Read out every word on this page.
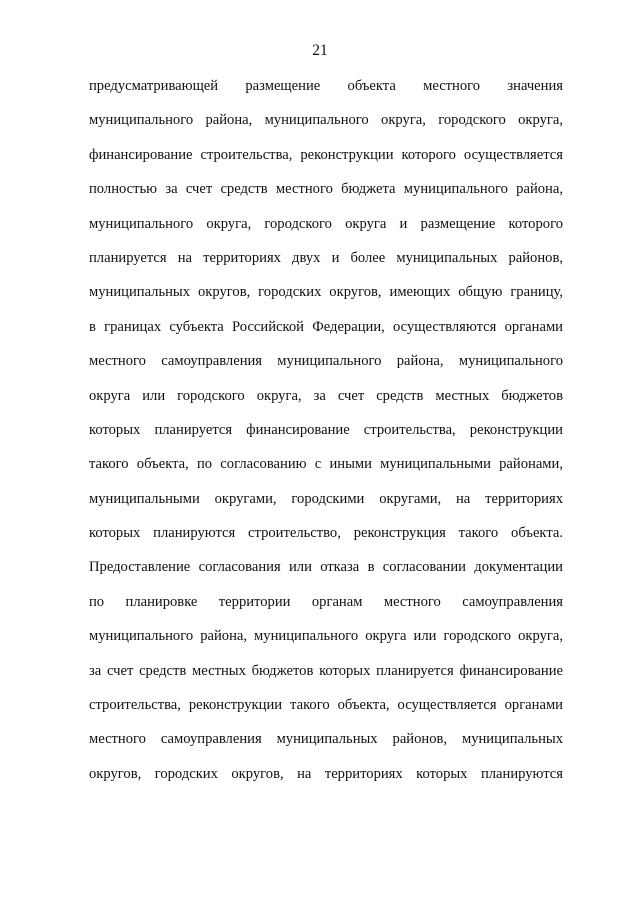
21
предусматривающей размещение объекта местного значения
муниципального района, муниципального округа, городского округа,
финансирование строительства, реконструкции которого осуществляется
полностью за счет средств местного бюджета муниципального района,
муниципального округа, городского округа и размещение которого
планируется на территориях двух и более муниципальных районов,
муниципальных округов, городских округов, имеющих общую границу,
в границах субъекта Российской Федерации, осуществляются органами
местного самоуправления муниципального района, муниципального
округа или городского округа, за счет средств местных бюджетов
которых планируется финансирование строительства, реконструкции
такого объекта, по согласованию с иными муниципальными районами,
муниципальными округами, городскими округами, на территориях
которых планируются строительство, реконструкция такого объекта.
Предоставление согласования или отказа в согласовании документации
по планировке территории органам местного самоуправления
муниципального района, муниципального округа или городского округа,
за счет средств местных бюджетов которых планируется финансирование
строительства, реконструкции такого объекта, осуществляется органами
местного самоуправления муниципальных районов, муниципальных
округов, городских округов, на территориях которых планируются
